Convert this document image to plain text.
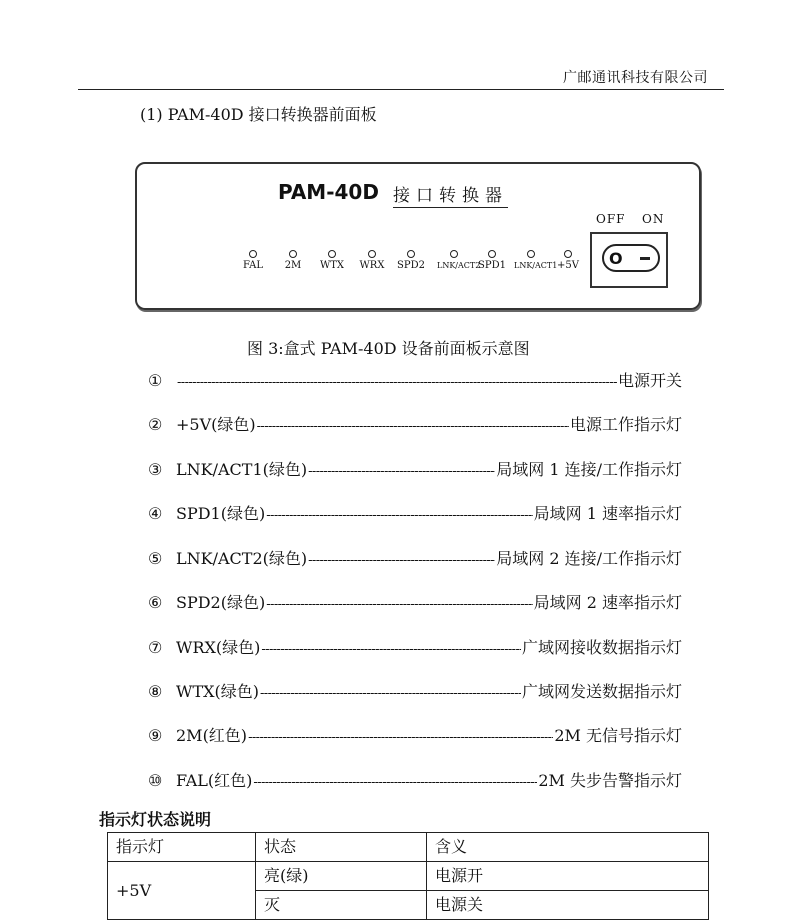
广邮通讯科技有限公司
(1) PAM-40D 接口转换器前面板
PAM-40D 接口转换器
FAL	2M	WTX	WRX	SPD2	LNK/ACT2
SPD1	LNK/ACT1 +5V
OFF ON
O
图 3:盒式 PAM-40D 设备前面板示意图
① -----	电源开关
② +5V(绿色) -----	电源工作指示灯
③ LNK/ACT1(绿色) -----	局域网 1 连接/工作指示灯
④ SPD1(绿色) -----	局域网 1 速率指示灯
⑤ LNK/ACT2(绿色) -----	局域网 2 连接/工作指示灯
⑥ SPD2(绿色) -----	局域网 2 速率指示灯
⑦ WRX(绿色) -----	广域网接收数据指示灯
⑧ WTX(绿色) -----	广域网发送数据指示灯
⑨ 2M(红色) -----	2M 无信号指示灯
⑩ FAL(红色) -----	2M 失步告警指示灯
指示灯状态说明
指示灯	状态	含义
+5V	亮(绿)	电源开
	灭	电源关
